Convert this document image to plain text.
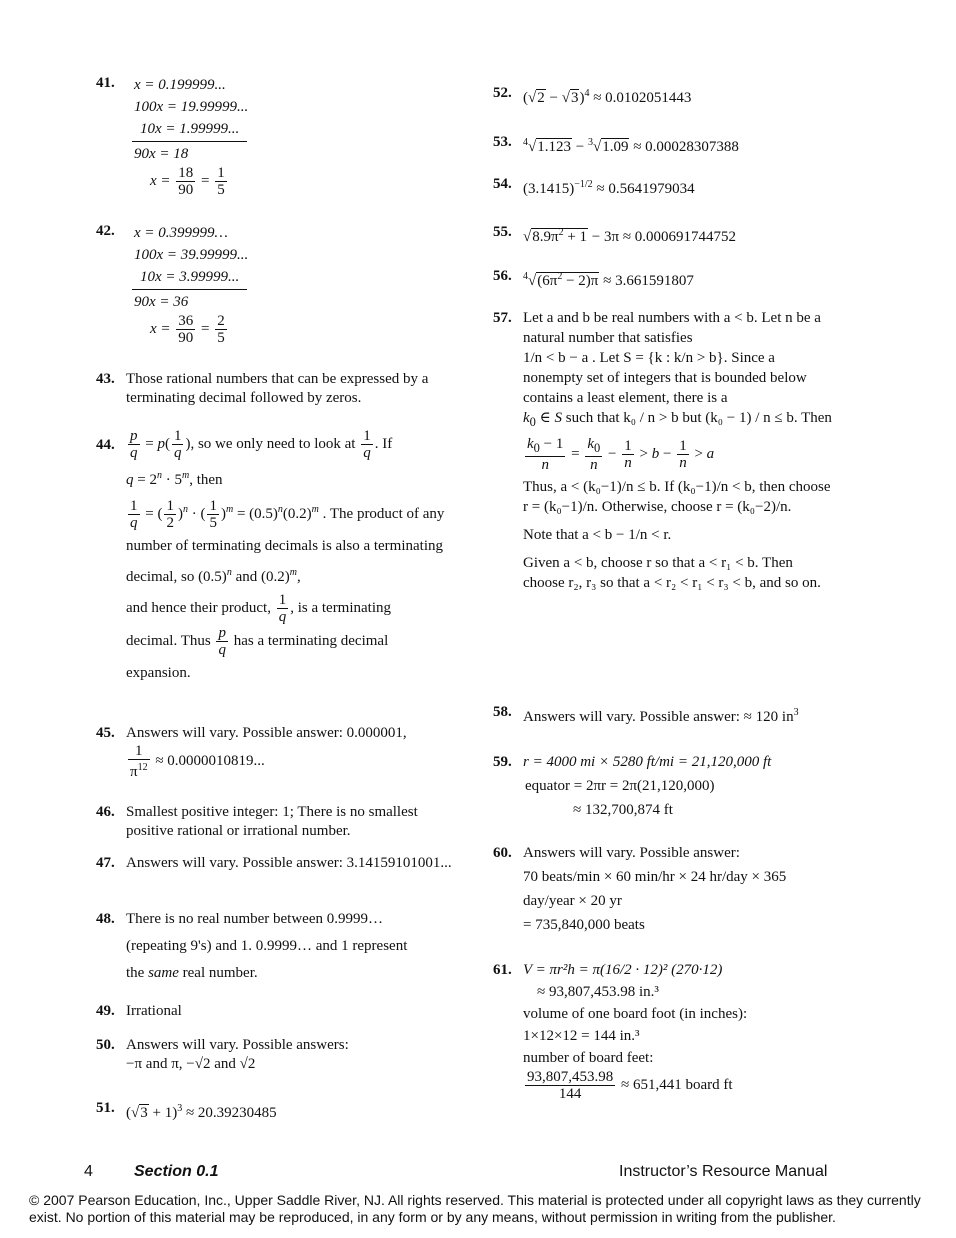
41. x = 0.199999...
100x = 19.99999...
10x = 1.99999...
90x = 18
$x = \frac{18}{90} = \frac{1}{5}$
42. x = 0.399999…
100x = 39.99999...
10x = 3.99999...
90x = 36
$x = \frac{36}{90} = \frac{2}{5}$
43. Those rational numbers that can be expressed by a terminating decimal followed by zeros.
44. $\frac{p}{q} = p( \frac{1}{q}$ ), so we only need to look at $\frac{1}{q}$ . If
$q = 2^n \cdot 5^m$, then

$\frac{1}{q}$ = ( $\frac{1}{2} )^n$ · ( $\frac{1}{5} )^m = (0.5)^n(0.2)^m$ . The product of any number of terminating decimals is also a terminating decimal, so $(0.5)^n$ and $(0.2)^m$,
and hence their product, $\frac{1}{q}$ , is a terminating
decimal. Thus $\frac{p}{q}$ has a terminating decimal
expansion.
45. Answers will vary. Possible answer: 0.000001,

$\frac{1}{\pi^{12}} \approx 0.0000010819$...
46. Smallest positive integer: 1; There is no smallest positive rational or irrational number.
47. Answers will vary. Possible answer: 3.14159101001...
48. There is no real number between 0.9999…
(repeating 9's) and 1. 0.9999… and 1 represent
the same real number.
49. Irrational
50. Answers will vary. Possible answers:
−π and π, −√2 and √2
51. $(√3 + 1)^3 \approx 20.39230485$
52. $(√2 - √3)^4 \approx 0.0102051443$
53. $^4$√1.123 − $^3$√1.09 ≈ 0.00028307388
54. $(3.1415)^{-1/2} \approx 0.5641979034$
55. $√8.9\pi^2 + 1 - 3\pi \approx 0.000691744752$
56. $^4√(6\pi^2 - 2)\pi \approx 3.661591807$
57. Let a and b be real numbers with a < b. Let n be a natural number that satisfies
1/n < b − a . Let S = {k : k/n > b}. Since a nonempty set of integers that is bounded below contains a least element, there is a
$k_0$ ∈ S such that k₀ / n > b but (k₀ − 1) / n ≤ b. Then

$\frac{k_0 - 1}{n} = \frac{k_0}{n} - \frac{1}{n} > b - \frac{1}{n} > a$
Thus, a < (k₀−1)/n ≤ b. If (k₀−1)/n < b, then choose r = (k₀−1)/n. Otherwise, choose r = (k₀−2)/n.

Note that a < b − 1/n < r.
Given a < b, choose r so that a < r₁ < b. Then choose r₂, r₃ so that a < r₂ < r₁ < r₃ < b, and so on.
58. Answers will vary. Possible answer: ≈ 120 $in^3$
59. r = 4000 mi × 5280 ft/mi = 21,120,000 ft
equator = 2πr = 2π(21,120,000)
≈ 132,700,874 ft
60. Answers will vary. Possible answer:
70 beats/min × 60 min/hr × 24 hr/day × 365 day/year × 20 yr
= 735,840,000 beats
61. V = πr²h = π(16/2 · 12)² (270·12)
≈ 93,807,453.98 in.³
volume of one board foot (in inches):
1×12×12 = 144 in.³
number of board feet:

$\frac{93,807,453.98}{144} \approx 651,441$ board ft
4	Section 0.1	Instructor’s Resource Manual
© 2007 Pearson Education, Inc., Upper Saddle River, NJ. All rights reserved. This material is protected under all copyright laws as they currently exist. No portion of this material may be reproduced, in any form or by any means, without permission in writing from the publisher.
